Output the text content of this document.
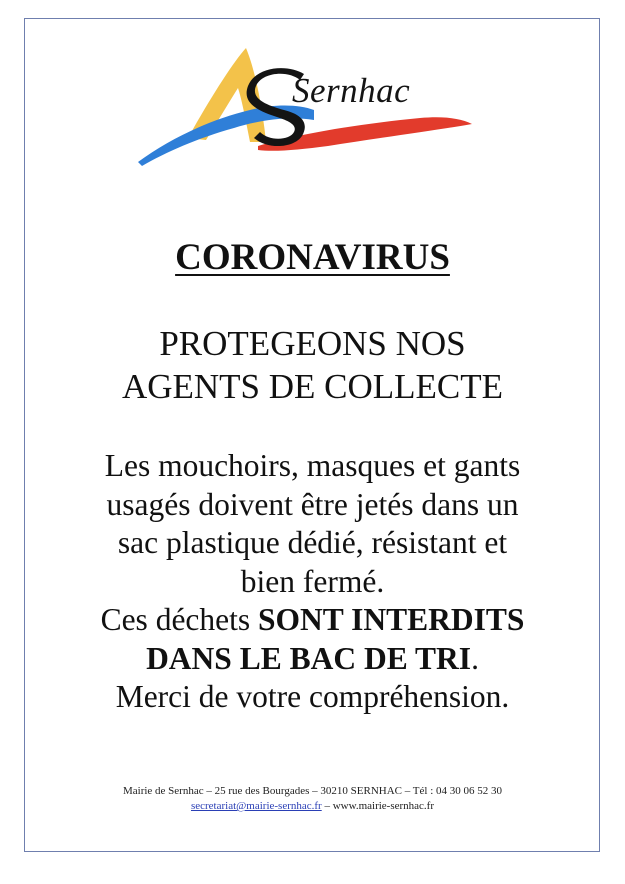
Sernhac
CORONAVIRUS
PROTEGEONS NOS
AGENTS DE COLLECTE
Les mouchoirs, masques et gants
usagés doivent être jetés dans un
sac plastique dédié, résistant et
bien fermé.
Ces déchets SONT INTERDITS
DANS LE BAC DE TRI.
Merci de votre compréhension.
Mairie de Sernhac – 25 rue des Bourgades – 30210 SERNHAC – Tél : 04 30 06 52 30
secretariat@mairie-sernhac.fr – www.mairie-sernhac.fr
